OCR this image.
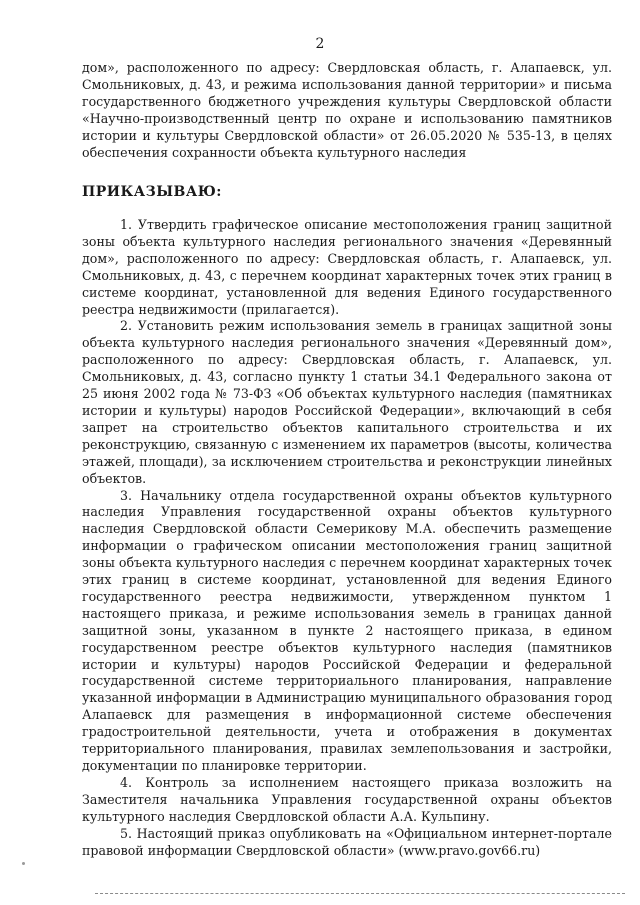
2
дом», расположенного по адресу: Свердловская область, г. Алапаевск, ул. Смольниковых, д. 43, и режима использования данной территории» и письма государственного бюджетного учреждения культуры Свердловской области «Научно-производственный центр по охране и использованию памятников истории и культуры Свердловской области» от 26.05.2020 № 535-13, в целях обеспечения сохранности объекта культурного наследия
ПРИКАЗЫВАЮ:

1. Утвердить графическое описание местоположения границ защитной зоны объекта культурного наследия регионального значения «Деревянный дом», расположенного по адресу: Свердловская область, г. Алапаевск, ул. Смольниковых, д. 43, с перечнем координат характерных точек этих границ в системе координат, установленной для ведения Единого государственного реестра недвижимости (прилагается).

2. Установить режим использования земель в границах защитной зоны объекта культурного наследия регионального значения «Деревянный дом», расположенного по адресу: Свердловская область, г. Алапаевск, ул. Смольниковых, д. 43, согласно пункту 1 статьи 34.1 Федерального закона от 25 июня 2002 года № 73-ФЗ «Об объектах культурного наследия (памятниках истории и культуры) народов Российской Федерации», включающий в себя запрет на строительство объектов капитального строительства и их реконструкцию, связанную с изменением их параметров (высоты, количества этажей, площади), за исключением строительства и реконструкции линейных объектов.

3. Начальнику отдела государственной охраны объектов культурного наследия Управления государственной охраны объектов культурного наследия Свердловской области Семерикову М.А. обеспечить размещение информации о графическом описании местоположения границ защитной зоны объекта культурного наследия с перечнем координат характерных точек этих границ в системе координат, установленной для ведения Единого государственного реестра недвижимости, утвержденном пунктом 1 настоящего приказа, и режиме использования земель в границах данной защитной зоны, указанном в пункте 2 настоящего приказа, в едином государственном реестре объектов культурного наследия (памятников истории и культуры) народов Российской Федерации и федеральной государственной системе территориального планирования, направление указанной информации в Администрацию муниципального образования город Алапаевск для размещения в информационной системе обеспечения градостроительной деятельности, учета и отображения в документах территориального планирования, правилах землепользования и застройки, документации по планировке территории.

4. Контроль за исполнением настоящего приказа возложить на Заместителя начальника Управления государственной охраны объектов культурного наследия Свердловской области А.А. Кульпину.

5. Настоящий приказ опубликовать на «Официальном интернет-портале правовой информации Свердловской области» (www.pravo.gov66.ru)
